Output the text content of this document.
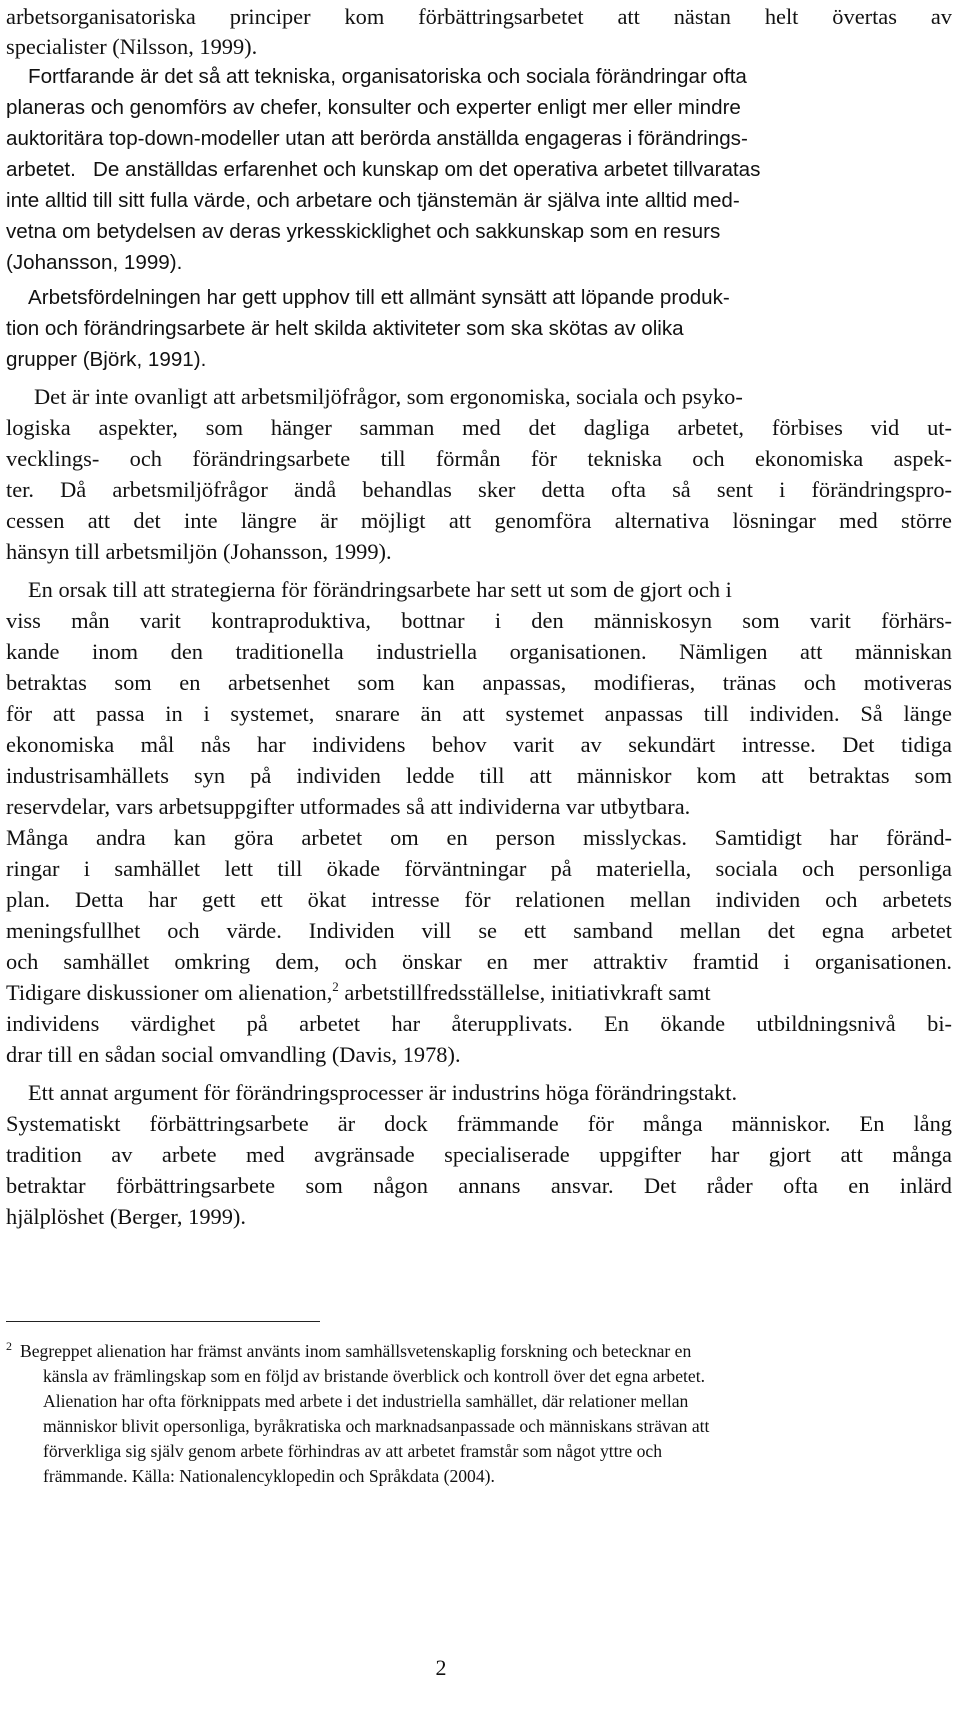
arbetsorganisatoriska principer kom förbättringsarbetet att nästan helt övertas av

specialister (Nilsson, 1999).

Fortfarande är det så att tekniska, organisatoriska och sociala förändringar ofta

planeras och genomförs av chefer, konsulter och experter enligt mer eller mindre

auktoritära top-down-modeller utan att berörda anställda engageras i förändrings-

arbetet. De anställdas erfarenhet och kunskap om det operativa arbetet tillvaratas

inte alltid till sitt fulla värde, och arbetare och tjänstemän är själva inte alltid med-

vetna om betydelsen av deras yrkesskicklighet och sakkunskap som en resurs

(Johansson, 1999).

Arbetsfördelningen har gett upphov till ett allmänt synsätt att löpande produk-

tion och förändringsarbete är helt skilda aktiviteter som ska skötas av olika

grupper (Björk, 1991).

Det är inte ovanligt att arbetsmiljöfrågor, som ergonomiska, sociala och psyko-

logiska aspekter, som hänger samman med det dagliga arbetet, förbises vid ut-

vecklings- och förändringsarbete till förmån för tekniska och ekonomiska aspek-

ter. Då arbetsmiljöfrågor ändå behandlas sker detta ofta så sent i förändringspro-

cessen att det inte längre är möjligt att genomföra alternativa lösningar med större

hänsyn till arbetsmiljön (Johansson, 1999).

En orsak till att strategierna för förändringsarbete har sett ut som de gjort och i

viss mån varit kontraproduktiva, bottnar i den människosyn som varit förhärs-

kande inom den traditionella industriella organisationen. Nämligen att människan

betraktas som en arbetsenhet som kan anpassas, modifieras, tränas och motiveras

för att passa in i systemet, snarare än att systemet anpassas till individen. Så länge

ekonomiska mål nås har individens behov varit av sekundärt intresse. Det tidiga

industrisamhällets syn på individen ledde till att människor kom att betraktas som

reservdelar, vars arbetsuppgifter utformades så att individerna var utbytbara.

Många andra kan göra arbetet om en person misslyckas. Samtidigt har föränd-

ringar i samhället lett till ökade förväntningar på materiella, sociala och personliga

plan. Detta har gett ett ökat intresse för relationen mellan individen och arbetets

meningsfullhet och värde. Individen vill se ett samband mellan det egna arbetet

och samhället omkring dem, och önskar en mer attraktiv framtid i organisationen.

Tidigare diskussioner om alienation,$^2$ arbetstillfredsställelse, initiativkraft samt

individens värdighet på arbetet har återupplivats. En ökande utbildningsnivå bi-

drar till en sådan social omvandling (Davis, 1978).

Ett annat argument för förändringsprocesser är industrins höga förändringstakt.

Systematiskt förbättringsarbete är dock främmande för många människor. En lång

tradition av arbete med avgränsade specialiserade uppgifter har gjort att många

betraktar förbättringsarbete som någon annans ansvar. Det råder ofta en inlärd

hjälplöshet (Berger, 1999).

$^2$ Begreppet alienation har främst använts inom samhällsvetenskaplig forskning och betecknar en

känsla av främlingskap som en följd av bristande överblick och kontroll över det egna arbetet.

Alienation har ofta förknippats med arbete i det industriella samhället, där relationer mellan

människor blivit opersonliga, byråkratiska och marknadsanpassade och människans strävan att

förverkliga sig själv genom arbete förhindras av att arbetet framstår som något yttre och

främmande. Källa: Nationalencyklopedin och Språkdata (2004).

2
